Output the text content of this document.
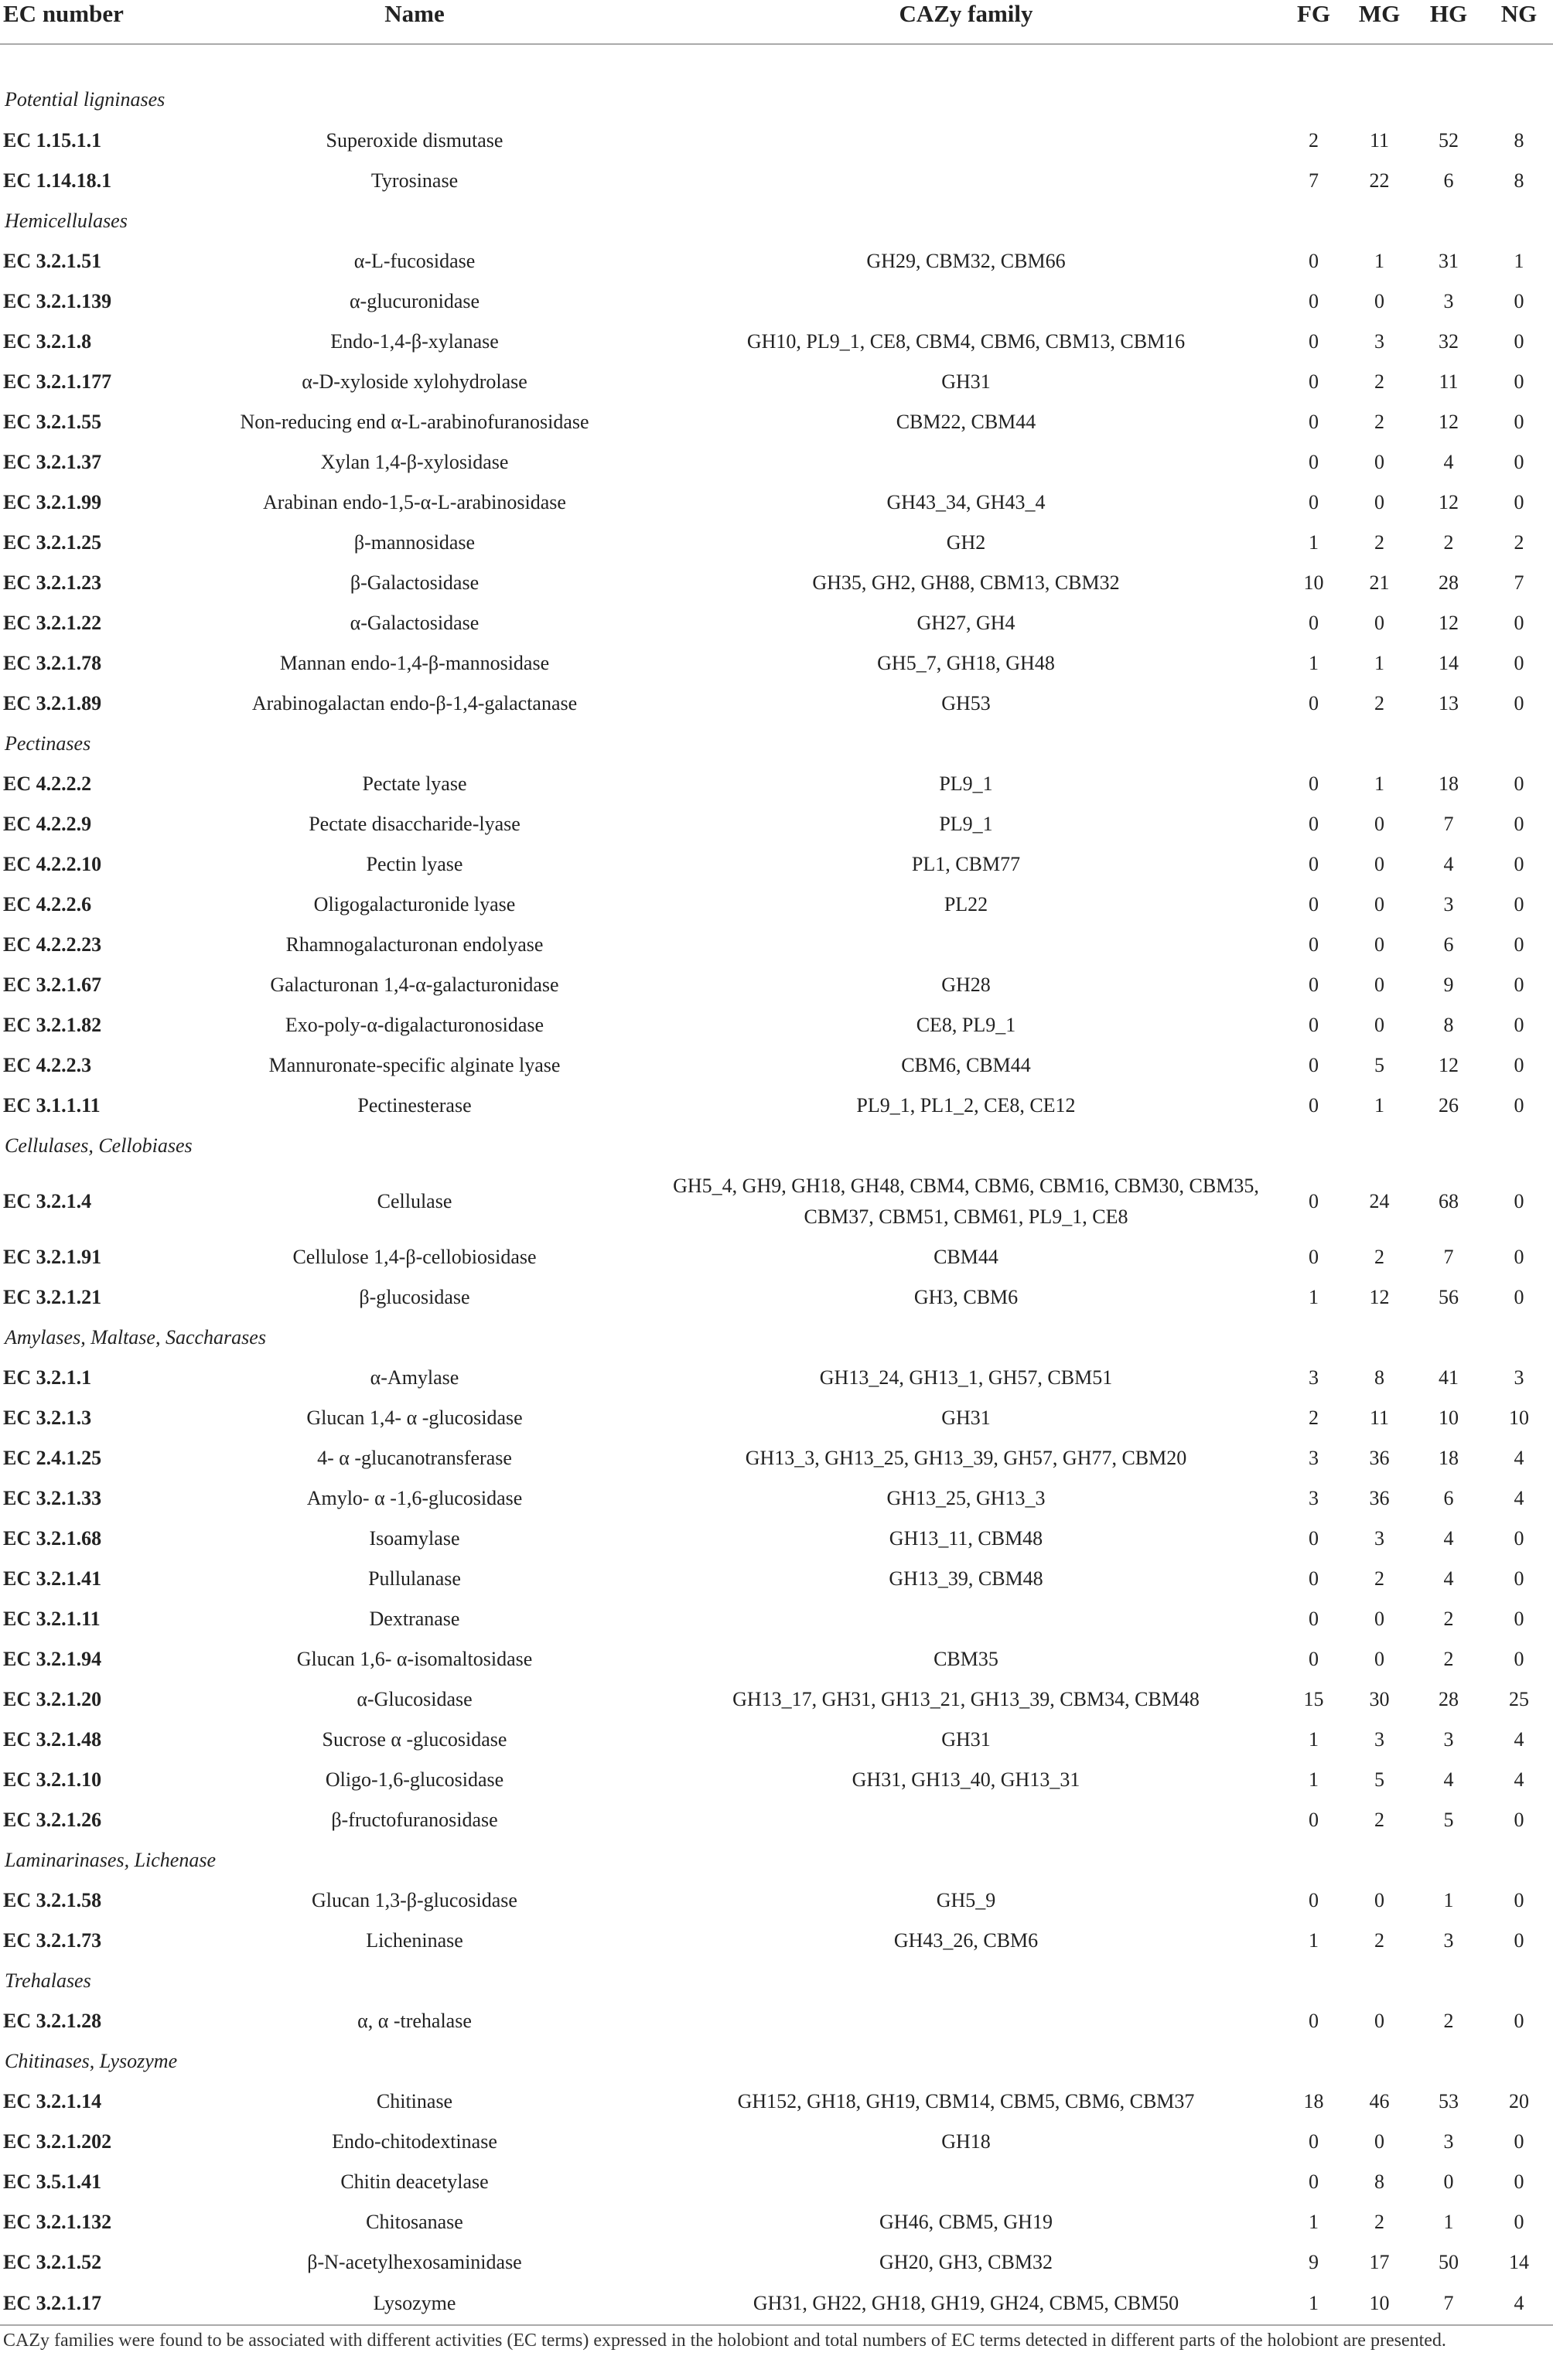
EC number	Name	CAZy family	FG	MG	HG	NG
Potential ligninases						
EC 1.15.1.1	Superoxide dismutase		2	11	52	8
EC 1.14.18.1	Tyrosinase		7	22	6	8
Hemicellulases						
EC 3.2.1.51	α-L-fucosidase	GH29, CBM32, CBM66	0	1	31	1
EC 3.2.1.139	α-glucuronidase		0	0	3	0
EC 3.2.1.8	Endo-1,4-β-xylanase	GH10, PL9_1, CE8, CBM4, CBM6, CBM13, CBM16	0	3	32	0
EC 3.2.1.177	α-D-xyloside xylohydrolase	GH31	0	2	11	0
EC 3.2.1.55	Non-reducing end α-L-arabinofuranosidase	CBM22, CBM44	0	2	12	0
EC 3.2.1.37	Xylan 1,4-β-xylosidase		0	0	4	0
EC 3.2.1.99	Arabinan endo-1,5-α-L-arabinosidase	GH43_34, GH43_4	0	0	12	0
EC 3.2.1.25	β-mannosidase	GH2	1	2	2	2
EC 3.2.1.23	β-Galactosidase	GH35, GH2, GH88, CBM13, CBM32	10	21	28	7
EC 3.2.1.22	α-Galactosidase	GH27, GH4	0	0	12	0
EC 3.2.1.78	Mannan endo-1,4-β-mannosidase	GH5_7, GH18, GH48	1	1	14	0
EC 3.2.1.89	Arabinogalactan endo-β-1,4-galactanase	GH53	0	2	13	0
Pectinases						
EC 4.2.2.2	Pectate lyase	PL9_1	0	1	18	0
EC 4.2.2.9	Pectate disaccharide-lyase	PL9_1	0	0	7	0
EC 4.2.2.10	Pectin lyase	PL1, CBM77	0	0	4	0
EC 4.2.2.6	Oligogalacturonide lyase	PL22	0	0	3	0
EC 4.2.2.23	Rhamnogalacturonan endolyase		0	0	6	0
EC 3.2.1.67	Galacturonan 1,4-α-galacturonidase	GH28	0	0	9	0
EC 3.2.1.82	Exo-poly-α-digalacturonosidase	CE8, PL9_1	0	0	8	0
EC 4.2.2.3	Mannuronate-specific alginate lyase	CBM6, CBM44	0	5	12	0
EC 3.1.1.11	Pectinesterase	PL9_1, PL1_2, CE8, CE12	0	1	26	0
Cellulases, Cellobiases						
EC 3.2.1.4	Cellulase	GH5_4, GH9, GH18, GH48, CBM4, CBM6, CBM16, CBM30, CBM35, CBM37, CBM51, CBM61, PL9_1, CE8	0	24	68	0
EC 3.2.1.91	Cellulose 1,4-β-cellobiosidase	CBM44	0	2	7	0
EC 3.2.1.21	β-glucosidase	GH3, CBM6	1	12	56	0
Amylases, Maltase, Saccharases						
EC 3.2.1.1	α-Amylase	GH13_24, GH13_1, GH57, CBM51	3	8	41	3
EC 3.2.1.3	Glucan 1,4- α -glucosidase	GH31	2	11	10	10
EC 2.4.1.25	4- α -glucanotransferase	GH13_3, GH13_25, GH13_39, GH57, GH77, CBM20	3	36	18	4
EC 3.2.1.33	Amylo- α -1,6-glucosidase	GH13_25, GH13_3	3	36	6	4
EC 3.2.1.68	Isoamylase	GH13_11, CBM48	0	3	4	0
EC 3.2.1.41	Pullulanase	GH13_39, CBM48	0	2	4	0
EC 3.2.1.11	Dextranase		0	0	2	0
EC 3.2.1.94	Glucan 1,6- α-isomaltosidase	CBM35	0	0	2	0
EC 3.2.1.20	α-Glucosidase	GH13_17, GH31, GH13_21, GH13_39, CBM34, CBM48	15	30	28	25
EC 3.2.1.48	Sucrose α -glucosidase	GH31	1	3	3	4
EC 3.2.1.10	Oligo-1,6-glucosidase	GH31, GH13_40, GH13_31	1	5	4	4
EC 3.2.1.26	β-fructofuranosidase		0	2	5	0
Laminarinases, Lichenase						
EC 3.2.1.58	Glucan 1,3-β-glucosidase	GH5_9	0	0	1	0
EC 3.2.1.73	Licheninase	GH43_26, CBM6	1	2	3	0
Trehalases						
EC 3.2.1.28	α, α -trehalase		0	0	2	0
Chitinases, Lysozyme						
EC 3.2.1.14	Chitinase	GH152, GH18, GH19, CBM14, CBM5, CBM6, CBM37	18	46	53	20
EC 3.2.1.202	Endo-chitodextinase	GH18	0	0	3	0
EC 3.5.1.41	Chitin deacetylase		0	8	0	0
EC 3.2.1.132	Chitosanase	GH46, CBM5, GH19	1	2	1	0
EC 3.2.1.52	β-N-acetylhexosaminidase	GH20, GH3, CBM32	9	17	50	14
EC 3.2.1.17	Lysozyme	GH31, GH22, GH18, GH19, GH24, CBM5, CBM50	1	10	7	4
CAZy families were found to be associated with different activities (EC terms) expressed in the holobiont and total numbers of EC terms detected in different parts of the holobiont are presented.
